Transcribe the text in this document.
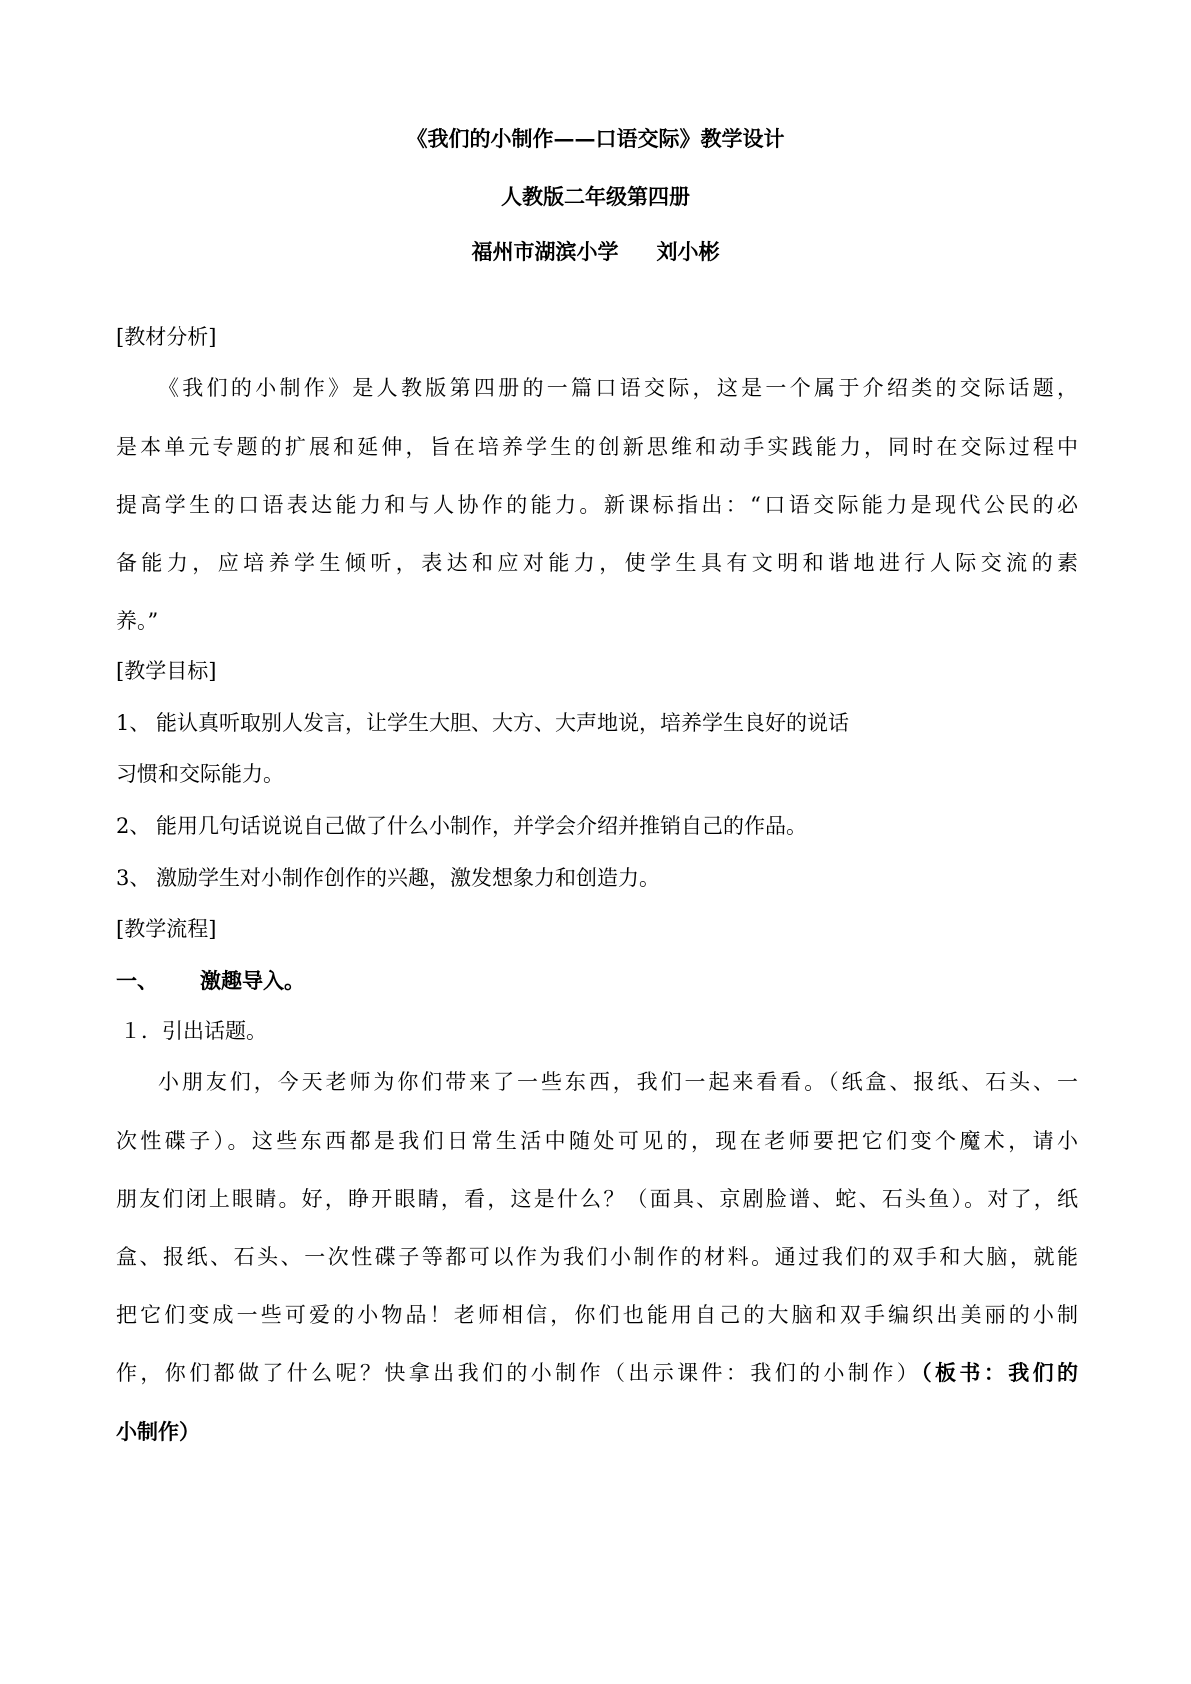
《我们的小制作——口语交际》教学设计
人教版二年级第四册
福州市湖滨小学 刘小彬
[教材分析]
《我们的小制作》是人教版第四册的一篇口语交际，这是一个属于介绍类的交际话题，
是本单元专题的扩展和延伸，旨在培养学生的创新思维和动手实践能力，同时在交际过程中
提高学生的口语表达能力和与人协作的能力。新课标指出：“口语交际能力是现代公民的必
备能力，应培养学生倾听，表达和应对能力，使学生具有文明和谐地进行人际交流的素
养。”
[教学目标]
1、 能认真听取别人发言，让学生大胆、大方、大声地说，培养学生良好的说话
习惯和交际能力。
2、 能用几句话说说自己做了什么小制作，并学会介绍并推销自己的作品。
3、 激励学生对小制作创作的兴趣，激发想象力和创造力。
[教学流程]
一、 激趣导入。
１．引出话题。
小朋友们，今天老师为你们带来了一些东西，我们一起来看看。（纸盒、报纸、石头、一
次性碟子）。这些东西都是我们日常生活中随处可见的，现在老师要把它们变个魔术，请小
朋友们闭上眼睛。好，睁开眼睛，看，这是什么？（面具、京剧脸谱、蛇、石头鱼）。对了，纸
盒、报纸、石头、一次性碟子等都可以作为我们小制作的材料。通过我们的双手和大脑，就能
把它们变成一些可爱的小物品！老师相信，你们也能用自己的大脑和双手编织出美丽的小制
作，你们都做了什么呢？快拿出我们的小制作（出示课件：我们的小制作）（板书：我们的
小制作）
